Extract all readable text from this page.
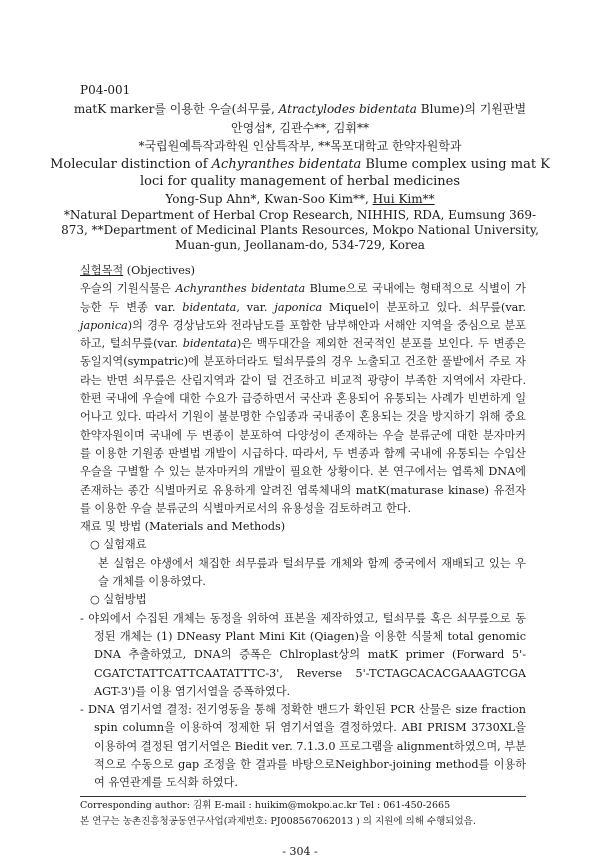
P04-001
matK marker를 이용한 우슬(쇠무릎, Atractylodes bidentata Blume)의 기원판별
안영섭*, 김관수**, 김휘**
*국립원예특작과학원 인삼특작부, **목포대학교 한약자원학과
Molecular distinction of Achyranthes bidentata Blume complex using mat K
loci for quality management of herbal medicines
Yong-Sup Ahn*, Kwan-Soo Kim**, Hui Kim**
*Natural Department of Herbal Crop Research, NIHHIS, RDA, Eumsung 369-873, **Department of Medicinal Plants Resources, Mokpo National University, Muan-gun, Jeollanam-do, 534-729, Korea

실험목적 (Objectives)

우슬의 기원식물은 Achyranthes bidentata Blume으로 국내에는 형태적으로 식별이 가능한 두 변종 var. bidentata, var. japonica Miquel이 분포하고 있다. 쇠무릎(var. japonica)의 경우 경상남도와 전라남도를 포함한 남부해안과 서해안 지역을 중심으로 분포하고, 털쇠무릎(var. bidentata)은 백두대간을 제외한 전국적인 분포를 보인다. 두 변종은 동일지역(sympatric)에 분포하더라도 털쇠무릎의 경우 노출되고 건조한 풀밭에서 주로 자라는 반면 쇠무릎은 산림지역과 같이 덜 건조하고 비교적 광량이 부족한 지역에서 자란다. 한편 국내에 우슬에 대한 수요가 급증하면서 국산과 혼용되어 유통되는 사례가 빈번하게 일어나고 있다. 따라서 기원이 불분명한 수입종과 국내종이 혼용되는 것을 방지하기 위해 중요 한약자원이며 국내에 두 변종이 분포하여 다양성이 존재하는 우슬 분류군에 대한 분자마커를 이용한 기원종 판별법 개발이 시급하다. 따라서, 두 변종과 함께 국내에 유통되는 수입산 우슬을 구별할 수 있는 분자마커의 개발이 필요한 상황이다. 본 연구에서는 엽록체 DNA에 존재하는 종간 식별마커로 유용하게 알려진 엽록체내의 matK(maturase kinase) 유전자를 이용한 우슬 분류군의 식별마커로서의 유용성을 검토하려고 한다.

재료 및 방법 (Materials and Methods)

○ 실험재료

본 실험은 야생에서 채집한 쇠무릎과 털쇠무릎 개체와 함께 중국에서 재배되고 있는 우슬 개체를 이용하였다.

○ 실험방법

- 야외에서 수집된 개체는 동정을 위하여 표본을 제작하였고, 털쇠무릎 혹은 쇠무릎으로 동정된 개체는 (1) DNeasy Plant Mini Kit (Qiagen)을 이용한 식물체 total genomic DNA 추출하였고, DNA의 증폭은 Chlroplast상의 matK primer (Forward 5'-CGATCTATTCATTCAATATTTC-3', Reverse 5'-TCTAGCACACGAAAGTCGA AGT-3')를 이용 염기서열을 증폭하였다.

- DNA 염기서열 결정: 전기영동을 통해 정확한 밴드가 확인된 PCR 산물은 size fraction spin column을 이용하여 정제한 뒤 염기서열을 결정하였다. ABI PRISM 3730XL을 이용하여 결정된 염기서열은 Biedit ver. 7.1.3.0 프로그램을 alignment하였으며, 부분적으로 수동으로 gap 조정을 한 결과를 바탕으로Neighbor-joining method를 이용하여 유연관계를 도식화 하였다.

Corresponding author: 김휘 E-mail : huikim@mokpo.ac.kr Tel : 061-450-2665
본 연구는 농촌진흥청공동연구사업(과제번호: PJ008567062013 ) 의 지원에 의해 수행되었음.
- 304 -
